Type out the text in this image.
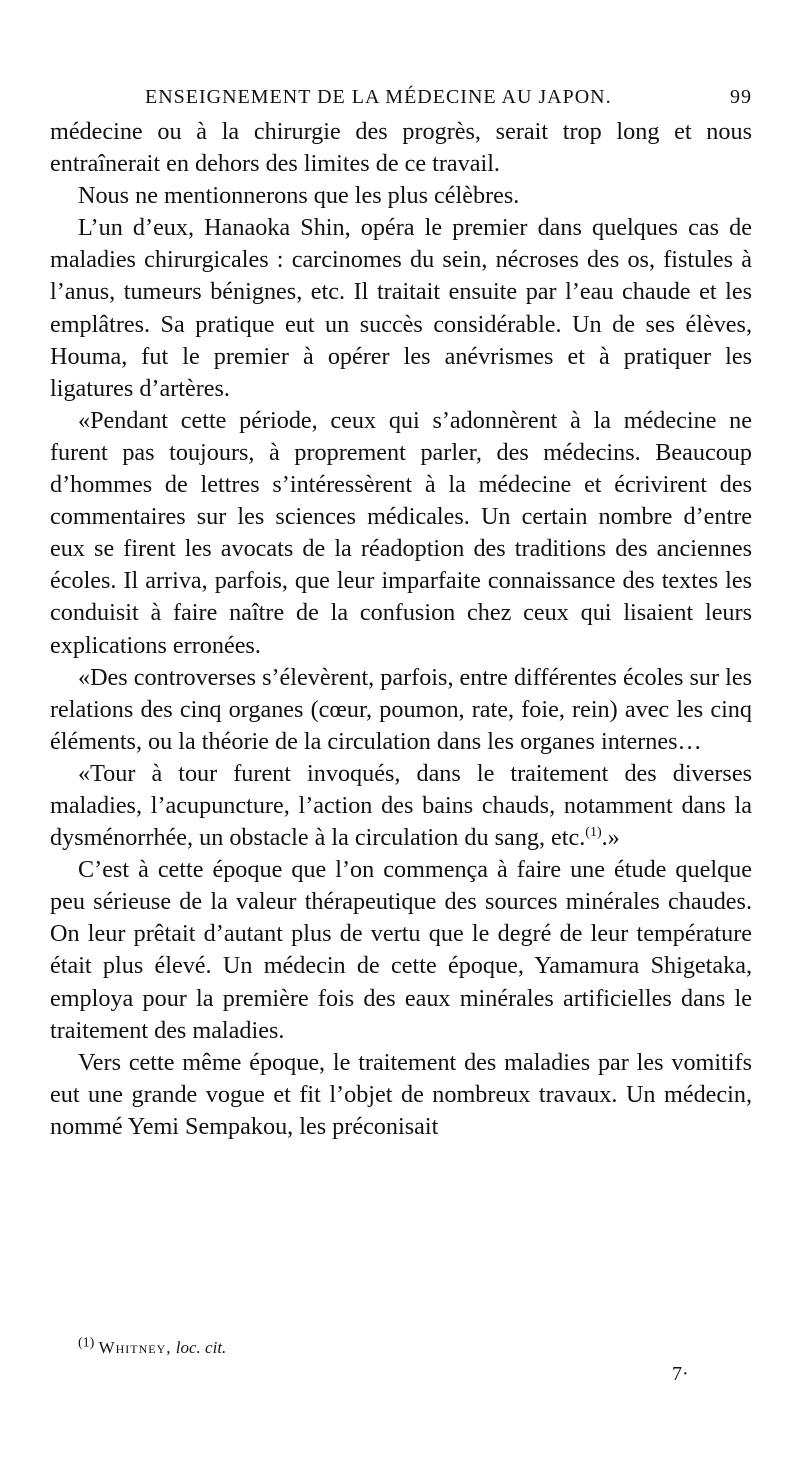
ENSEIGNEMENT DE LA MÉDECINE AU JAPON.	99

médecine ou à la chirurgie des progrès, serait trop long et nous entraînerait en dehors des limites de ce travail.

Nous ne mentionnerons que les plus célèbres.

L’un d’eux, Hanaoka Shin, opéra le premier dans quelques cas de maladies chirurgicales : carcinomes du sein, nécroses des os, fistules à l’anus, tumeurs bénignes, etc. Il traitait ensuite par l’eau chaude et les emplâtres. Sa pratique eut un succès considérable. Un de ses élèves, Houma, fut le premier à opérer les anévrismes et à pratiquer les ligatures d’artères.

«Pendant cette période, ceux qui s’adonnèrent à la médecine ne furent pas toujours, à proprement parler, des médecins. Beaucoup d’hommes de lettres s’intéressèrent à la médecine et écrivirent des commentaires sur les sciences médicales. Un certain nombre d’entre eux se firent les avocats de la réadoption des traditions des anciennes écoles. Il arriva, parfois, que leur imparfaite connaissance des textes les conduisit à faire naître de la confusion chez ceux qui lisaient leurs explications erronées.

«Des controverses s’élevèrent, parfois, entre différentes écoles sur les relations des cinq organes (cœur, poumon, rate, foie, rein) avec les cinq éléments, ou la théorie de la circulation dans les organes internes…

«Tour à tour furent invoqués, dans le traitement des diverses maladies, l’acupuncture, l’action des bains chauds, notamment dans la dysménorrhée, un obstacle à la circulation du sang, etc.$^{(1)}$.»

C’est à cette époque que l’on commença à faire une étude quelque peu sérieuse de la valeur thérapeutique des sources minérales chaudes. On leur prêtait d’autant plus de vertu que le degré de leur température était plus élevé. Un médecin de cette époque, Yamamura Shigetaka, employa pour la première fois des eaux minérales artificielles dans le traitement des maladies.

Vers cette même époque, le traitement des maladies par les vomitifs eut une grande vogue et fit l’objet de nombreux travaux. Un médecin, nommé Yemi Sempakou, les préconisait

$^{(1)}$ Whitney, loc. cit.
7·
